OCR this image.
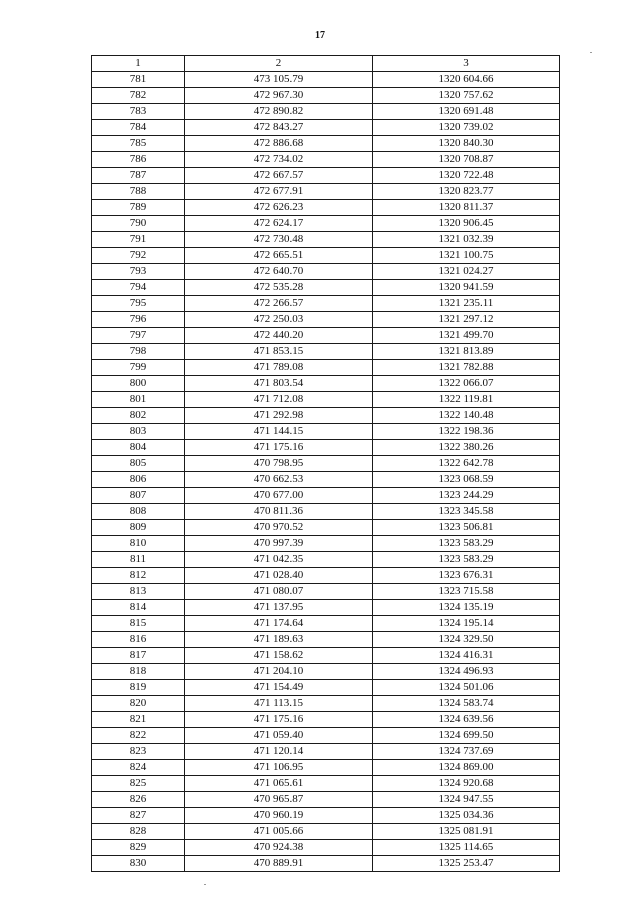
17
1	2	3
781	473 105.79	1320 604.66
782	472 967.30	1320 757.62
783	472 890.82	1320 691.48
784	472 843.27	1320 739.02
785	472 886.68	1320 840.30
786	472 734.02	1320 708.87
787	472 667.57	1320 722.48
788	472 677.91	1320 823.77
789	472 626.23	1320 811.37
790	472 624.17	1320 906.45
791	472 730.48	1321 032.39
792	472 665.51	1321 100.75
793	472 640.70	1321 024.27
794	472 535.28	1320 941.59
795	472 266.57	1321 235.11
796	472 250.03	1321 297.12
797	472 440.20	1321 499.70
798	471 853.15	1321 813.89
799	471 789.08	1321 782.88
800	471 803.54	1322 066.07
801	471 712.08	1322 119.81
802	471 292.98	1322 140.48
803	471 144.15	1322 198.36
804	471 175.16	1322 380.26
805	470 798.95	1322 642.78
806	470 662.53	1323 068.59
807	470 677.00	1323 244.29
808	470 811.36	1323 345.58
809	470 970.52	1323 506.81
810	470 997.39	1323 583.29
811	471 042.35	1323 583.29
812	471 028.40	1323 676.31
813	471 080.07	1323 715.58
814	471 137.95	1324 135.19
815	471 174.64	1324 195.14
816	471 189.63	1324 329.50
817	471 158.62	1324 416.31
818	471 204.10	1324 496.93
819	471 154.49	1324 501.06
820	471 113.15	1324 583.74
821	471 175.16	1324 639.56
822	471 059.40	1324 699.50
823	471 120.14	1324 737.69
824	471 106.95	1324 869.00
825	471 065.61	1324 920.68
826	470 965.87	1324 947.55
827	470 960.19	1325 034.36
828	471 005.66	1325 081.91
829	470 924.38	1325 114.65
830	470 889.91	1325 253.47
